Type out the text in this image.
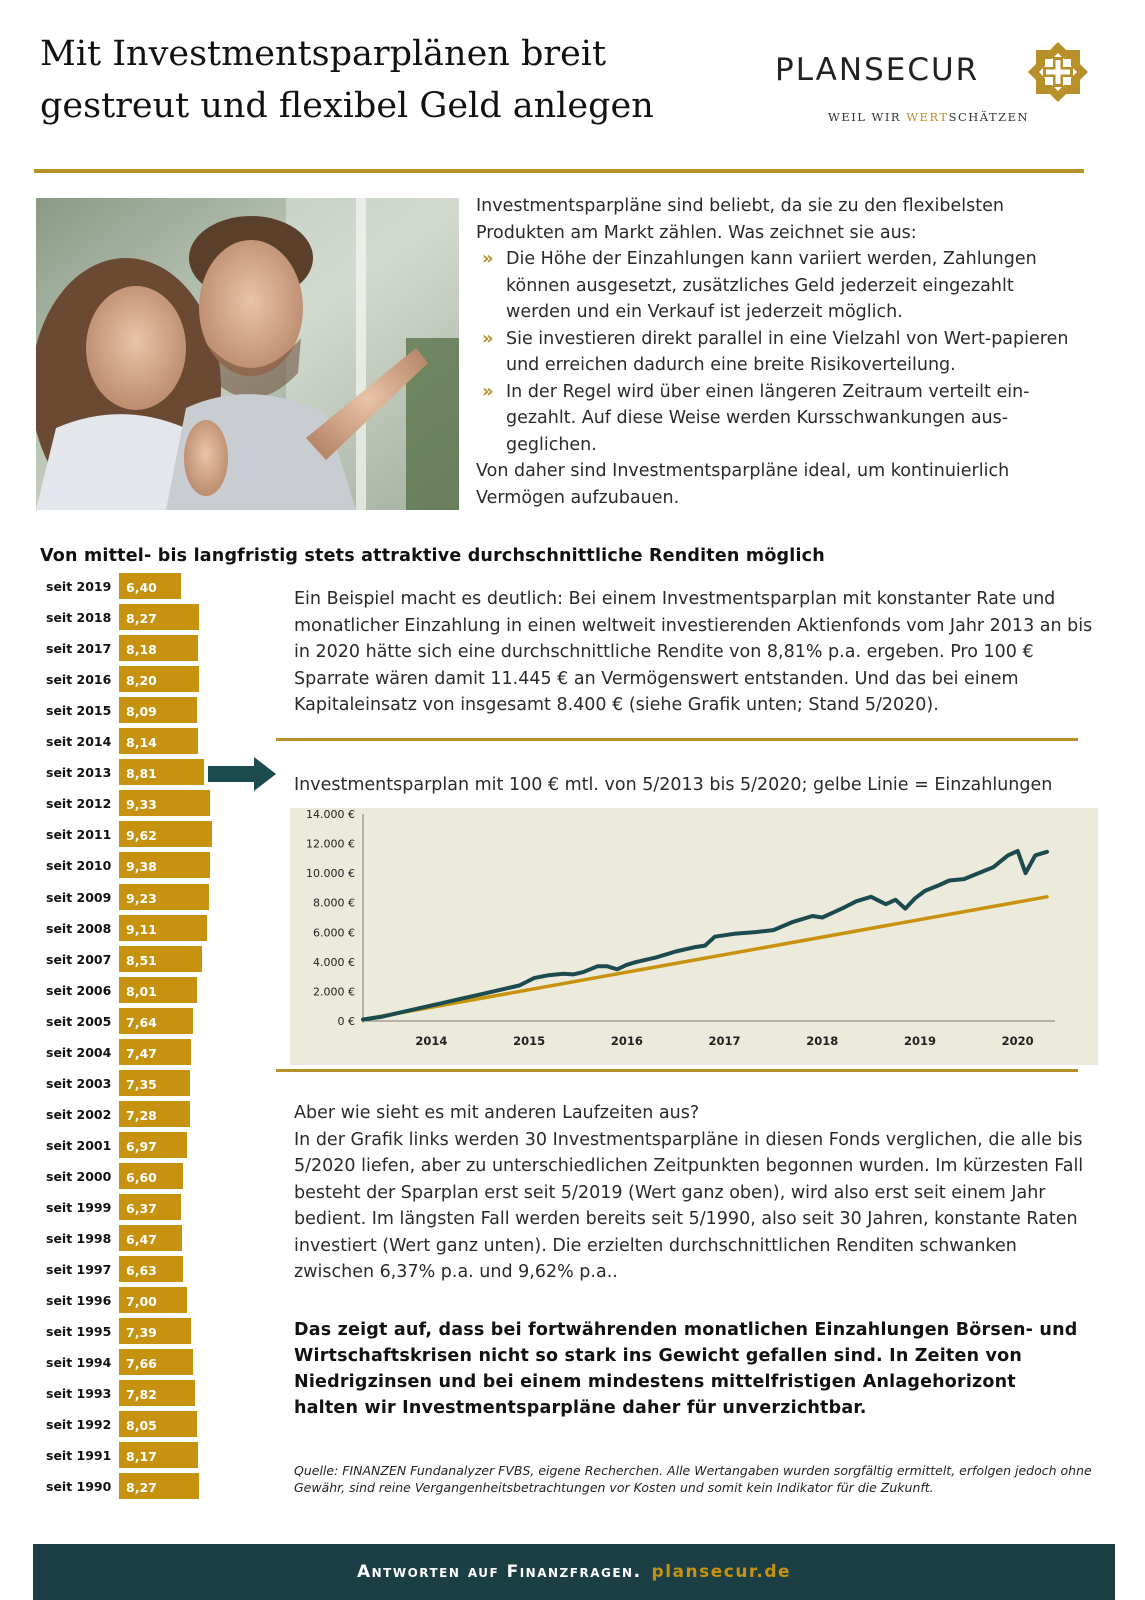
Mit Investmentsparplänen breit
gestreut und flexibel Geld anlegen
PLANSECUR
WEIL WIR WERTSCHÄTZEN
Investmentsparpläne sind beliebt, da sie zu den flexibelsten Produkten am Markt zählen. Was zeichnet sie aus:
» Die Höhe der Einzahlungen kann variiert werden, Zahlungen können ausgesetzt, zusätzliches Geld jederzeit eingezahlt werden und ein Verkauf ist jederzeit möglich.
» Sie investieren direkt parallel in eine Vielzahl von Wert-papieren und erreichen dadurch eine breite Risikoverteilung.
» In der Regel wird über einen längeren Zeitraum verteilt ein-gezahlt. Auf diese Weise werden Kursschwankungen aus-geglichen.
Von daher sind Investmentsparpläne ideal, um kontinuierlich Vermögen aufzubauen.
Von mittel- bis langfristig stets attraktive durchschnittliche Renditen möglich
seit 2019	6,40
seit 2018	8,27
seit 2017	8,18
seit 2016	8,20
seit 2015	8,09
seit 2014	8,14
seit 2013	8,81
seit 2012	9,33
seit 2011	9,62
seit 2010	9,38
seit 2009	9,23
seit 2008	9,11
seit 2007	8,51
seit 2006	8,01
seit 2005	7,64
seit 2004	7,47
seit 2003	7,35
seit 2002	7,28
seit 2001	6,97
seit 2000	6,60
seit 1999	6,37
seit 1998	6,47
seit 1997	6,63
seit 1996	7,00
seit 1995	7,39
seit 1994	7,66
seit 1993	7,82
seit 1992	8,05
seit 1991	8,17
seit 1990	8,27
Ein Beispiel macht es deutlich: Bei einem Investmentsparplan mit konstanter Rate und monatlicher Einzahlung in einen weltweit investierenden Aktienfonds vom Jahr 2013 an bis in 2020 hätte sich eine durchschnittliche Rendite von 8,81% p.a. ergeben. Pro 100 € Sparrate wären damit 11.445 € an Vermögenswert entstanden. Und das bei einem Kapitaleinsatz von insgesamt 8.400 € (siehe Grafik unten; Stand 5/2020).
Investmentsparplan mit 100 € mtl. von 5/2013 bis 5/2020; gelbe Linie = Einzahlungen
0 €
2.000 €
4.000 €
6.000 €
8.000 €
10.000 €
12.000 €
14.000 €
2014	2015	2016	2017	2018	2019	2020
Aber wie sieht es mit anderen Laufzeiten aus?
In der Grafik links werden 30 Investmentsparpläne in diesen Fonds verglichen, die alle bis 5/2020 liefen, aber zu unterschiedlichen Zeitpunkten begonnen wurden. Im kürzesten Fall besteht der Sparplan erst seit 5/2019 (Wert ganz oben), wird also erst seit einem Jahr bedient. Im längsten Fall werden bereits seit 5/1990, also seit 30 Jahren, konstante Raten investiert (Wert ganz unten). Die erzielten durchschnittlichen Renditen schwanken zwischen 6,37% p.a. und 9,62% p.a..
Das zeigt auf, dass bei fortwährenden monatlichen Einzahlungen Börsen- und Wirtschaftskrisen nicht so stark ins Gewicht gefallen sind. In Zeiten von Niedrigzinsen und bei einem mindestens mittelfristigen Anlagehorizont halten wir Investmentsparpläne daher für unverzichtbar.
Quelle: FINANZEN Fundanalyzer FVBS, eigene Recherchen. Alle Wertangaben wurden sorgfältig ermittelt, erfolgen jedoch ohne Gewähr, sind reine Vergangenheitsbetrachtungen vor Kosten und somit kein Indikator für die Zukunft.
Antworten auf Finanzfragen. plansecur.de
